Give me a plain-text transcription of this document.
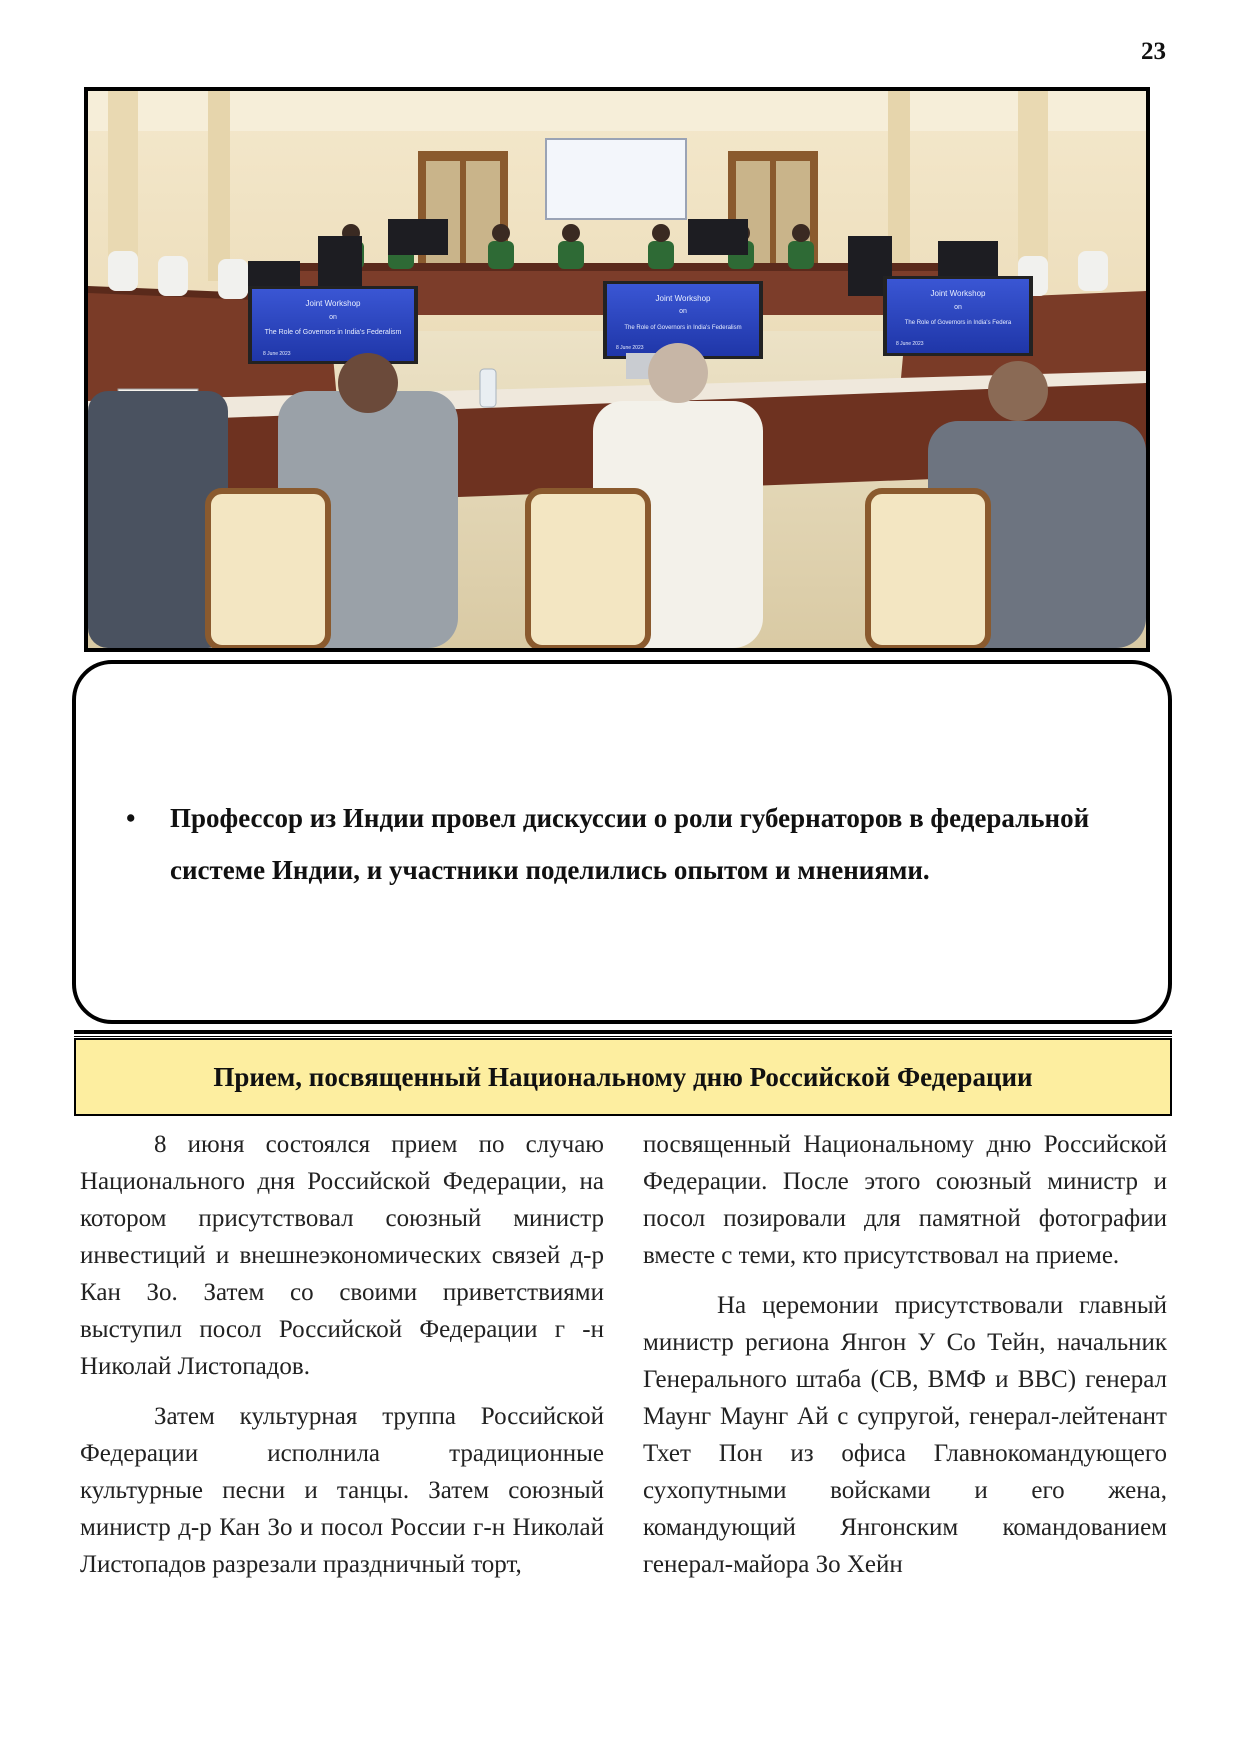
23
Joint Workshop
on
The Role of Governors in India's Federalism
8 June 2023
Joint Workshop
on
The Role of Governors in India's Federalism
8 June 2023
Joint Workshop
on
The Role of Governors in India's Federa
8 June 2023
• Профессор из Индии провел дискуссии о роли губернаторов в федеральной системе Индии, и участники поделились опытом и мнениями.
Прием, посвященный Национальному дню Российской Федерации

8 июня состоялся прием по случаю Национального дня Российской Федерации, на котором присутствовал союзный министр инвестиций и внешнеэкономических связей д-р Кан Зо. Затем со своими приветствиями выступил посол Российской Федерации г -н Николай Листопадов.

Затем культурная труппа Российской Федерации исполнила традиционные культурные песни и танцы. Затем союзный министр д-р Кан Зо и посол России г-н Николай Листопадов разрезали праздничный торт,

посвященный Национальному дню Российской Федерации. После этого союзный министр и посол позировали для памятной фотографии вместе с теми, кто присутствовал на приеме.

На церемонии присутствовали главный министр региона Янгон У Со Тейн, начальник Генерального штаба (СВ, ВМФ и ВВС) генерал Маунг Маунг Ай с супругой, генерал-лейтенант Тхет Пон из офиса Главнокомандующего сухопутными войсками и его жена, командующий Янгонским командованием генерал-майора Зо Хейн
